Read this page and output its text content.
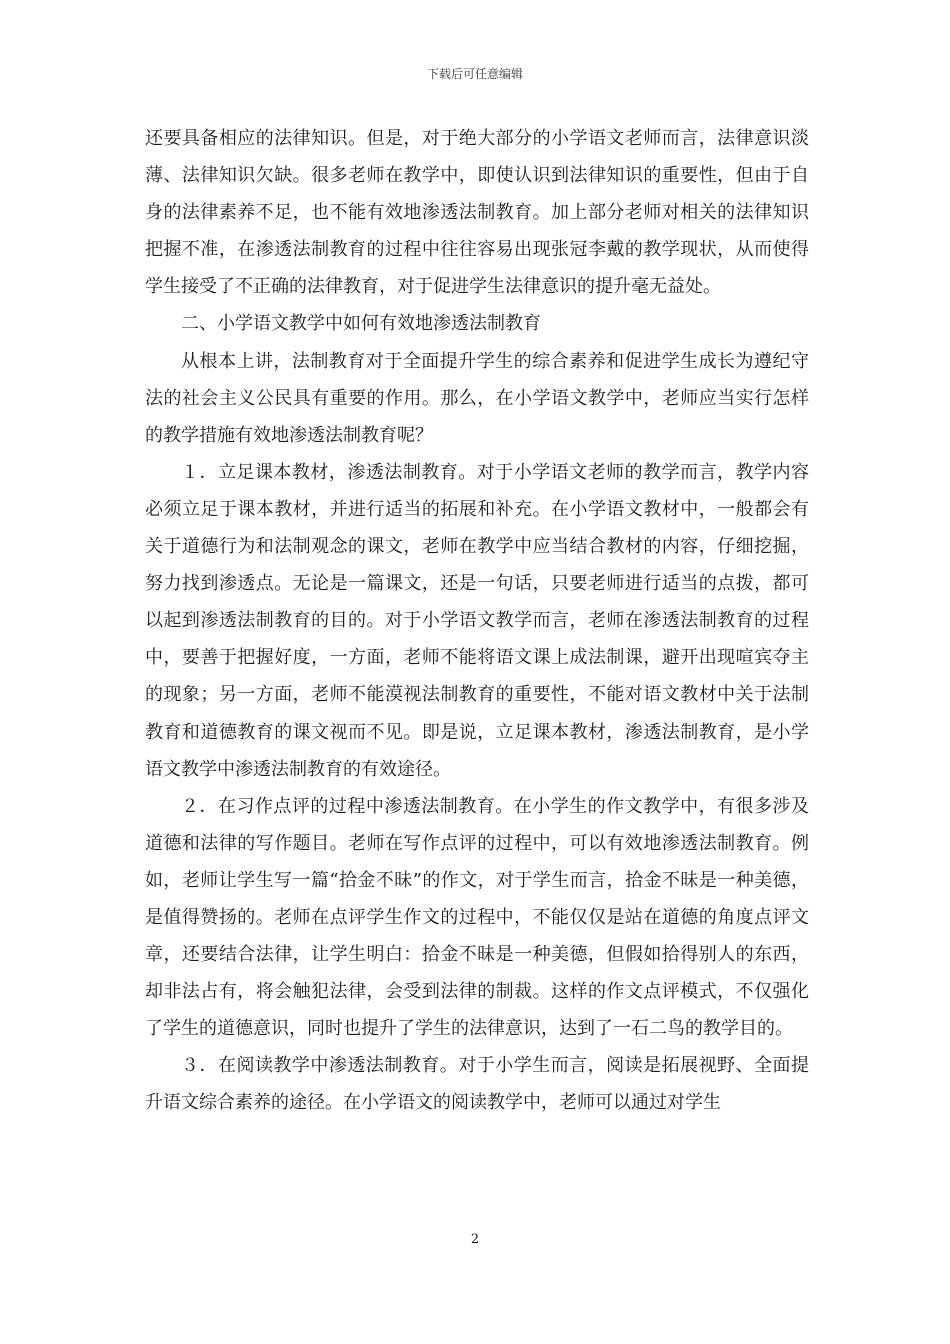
下载后可任意编辑

还要具备相应的法律知识。但是，对于绝大部分的小学语文老师而言，法律意识淡薄、法律知识欠缺。很多老师在教学中，即使认识到法律知识的重要性，但由于自身的法律素养不足，也不能有效地渗透法制教育。加上部分老师对相关的法律知识把握不准，在渗透法制教育的过程中往往容易出现张冠李戴的教学现状，从而使得学生接受了不正确的法律教育，对于促进学生法律意识的提升毫无益处。

二、小学语文教学中如何有效地渗透法制教育

从根本上讲，法制教育对于全面提升学生的综合素养和促进学生成长为遵纪守法的社会主义公民具有重要的作用。那么，在小学语文教学中，老师应当实行怎样的教学措施有效地渗透法制教育呢？

１．立足课本教材，渗透法制教育。对于小学语文老师的教学而言，教学内容必须立足于课本教材，并进行适当的拓展和补充。在小学语文教材中，一般都会有关于道德行为和法制观念的课文，老师在教学中应当结合教材的内容，仔细挖掘，努力找到渗透点。无论是一篇课文，还是一句话，只要老师进行适当的点拨，都可以起到渗透法制教育的目的。对于小学语文教学而言，老师在渗透法制教育的过程中，要善于把握好度，一方面，老师不能将语文课上成法制课，避开出现喧宾夺主的现象；另一方面，老师不能漠视法制教育的重要性，不能对语文教材中关于法制教育和道德教育的课文视而不见。即是说，立足课本教材，渗透法制教育，是小学语文教学中渗透法制教育的有效途径。

２．在习作点评的过程中渗透法制教育。在小学生的作文教学中，有很多涉及道德和法律的写作题目。老师在写作点评的过程中，可以有效地渗透法制教育。例如，老师让学生写一篇“拾金不昧”的作文，对于学生而言，拾金不昧是一种美德，是值得赞扬的。老师在点评学生作文的过程中，不能仅仅是站在道德的角度点评文章，还要结合法律，让学生明白：拾金不昧是一种美德，但假如拾得别人的东西，却非法占有，将会触犯法律，会受到法律的制裁。这样的作文点评模式，不仅强化了学生的道德意识，同时也提升了学生的法律意识，达到了一石二鸟的教学目的。

３．在阅读教学中渗透法制教育。对于小学生而言，阅读是拓展视野、全面提升语文综合素养的途径。在小学语文的阅读教学中，老师可以通过对学生

2
